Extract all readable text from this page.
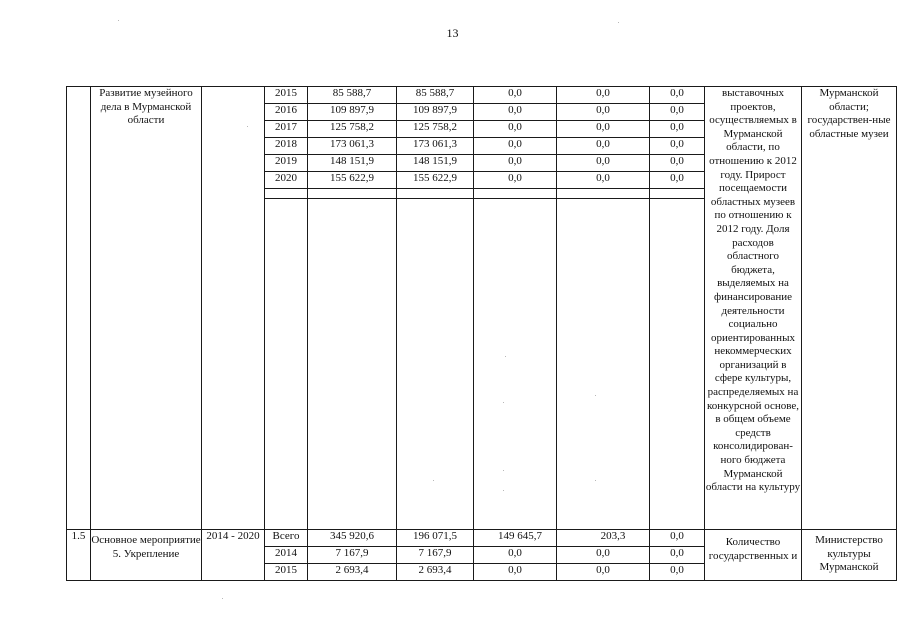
13

	Развитие музейного дела в Мурманской области		2015	85 588,7	85 588,7	0,0	0,0	0,0	выставочных проектов, осуществляемых в Мурманской области, по отношению к 2012 году. Прирост посещаемости областных музеев по отношению к 2012 году. Доля расходов областного бюджета, выделяемых на финансирование деятельности социально ориентированных некоммерческих организаций в сфере культуры, распределяемых на конкурсной основе, в общем объеме средств консолидирован-ного бюджета Мурманской области на культуру	Мурманской области; государствен-ные областные музеи

			2016	109 897,9	109 897,9	0,0	0,0	0,0		
			2017	125 758,2	125 758,2	0,0	0,0	0,0		
			2018	173 061,3	173 061,3	0,0	0,0	0,0		
			2019	148 151,9	148 151,9	0,0	0,0	0,0		
			2020	155 622,9	155 622,9	0,0	0,0	0,0		

1.5	Основное мероприятие 5. Укрепление	2014 - 2020	Всего	345 920,6	196 071,5	149 645,7	203,3	0,0	Количество государственных и	Министерство культуры Мурманской

			2014	7 167,9	7 167,9	0,0	0,0	0,0		
			2015	2 693,4	2 693,4	0,0	0,0	0,0		
